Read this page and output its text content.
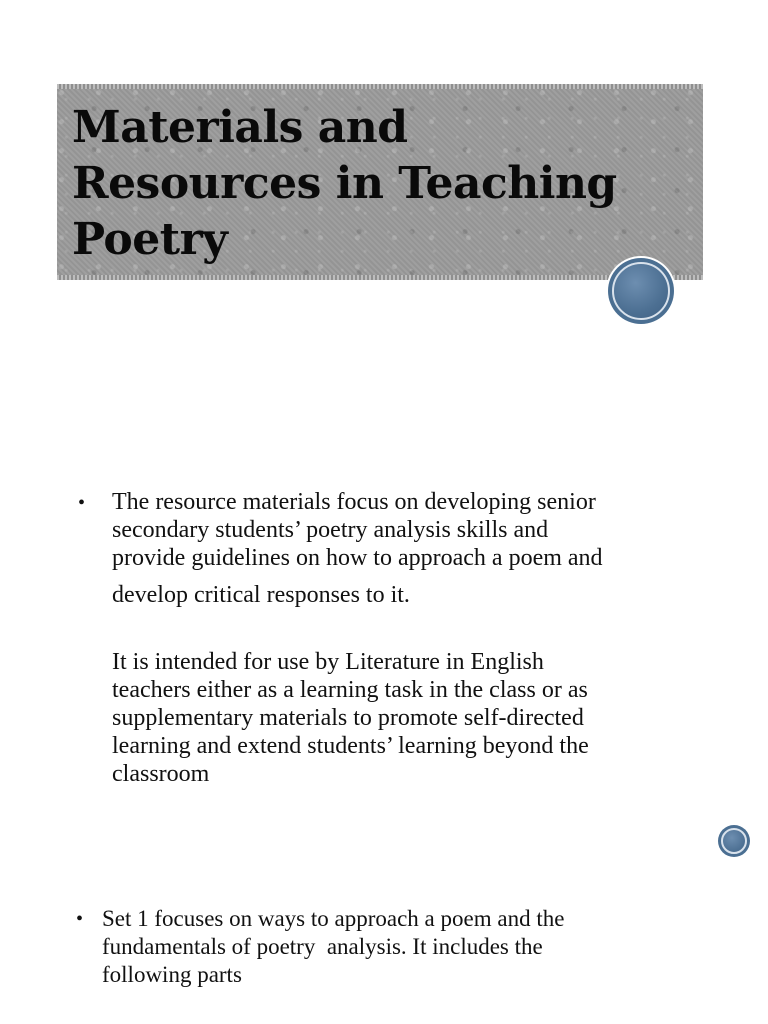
Materials and
Resources in Teaching
Poetry
• The resource materials focus on developing senior
secondary students’ poetry analysis skills and
provide guidelines on how to approach a poem and
develop critical responses to it.
It is intended for use by Literature in English
teachers either as a learning task in the class or as
supplementary materials to promote self-directed
learning and extend students’ learning beyond the
classroom
• Set 1 focuses on ways to approach a poem and the
fundamentals of poetry  analysis. It includes the
following parts
